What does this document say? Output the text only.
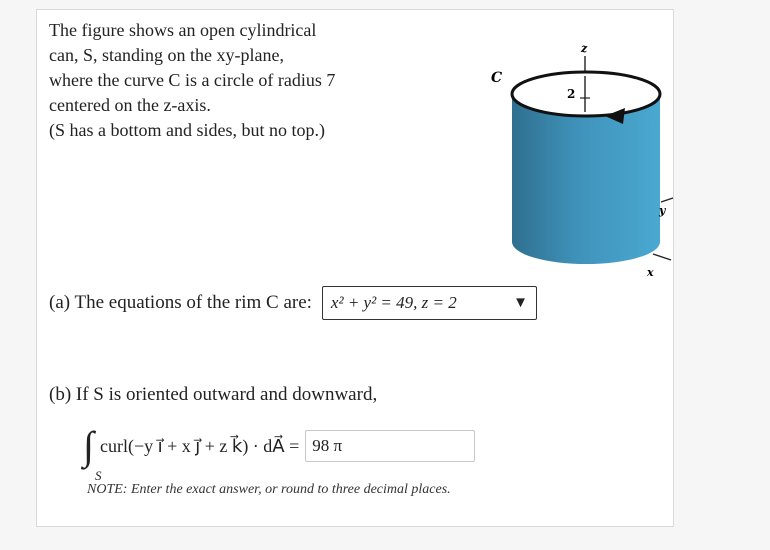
The figure shows an open cylindrical

can, S, standing on the xy-plane,

where the curve C is a circle of radius 7

centered on the z-axis.

(S has a bottom and sides, but no top.)

z
C
2
y
x
(a) The equations of the rim C are: x² + y² = 49, z = 2	▼
(b) If S is oriented outward and downward,
∫
S
curl(−y i⃗ + x j⃗ + z k⃗) · dA⃗ = 98 π
NOTE: Enter the exact answer, or round to three decimal places.
